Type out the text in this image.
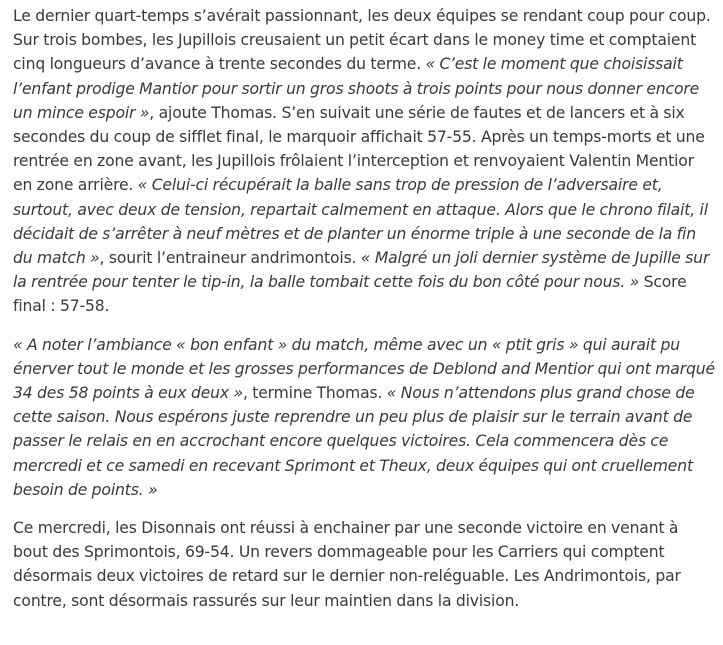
Le dernier quart-temps s’avérait passionnant, les deux équipes se rendant coup pour coup. Sur trois bombes, les Jupillois creusaient un petit écart dans le money time et comptaient cinq longueurs d’avance à trente secondes du terme. « C’est le moment que choisissait l’enfant prodige Mantior pour sortir un gros shoots à trois points pour nous donner encore un mince espoir », ajoute Thomas. S’en suivait une série de fautes et de lancers et à six secondes du coup de sifflet final, le marquoir affichait 57-55. Après un temps-morts et une rentrée en zone avant, les Jupillois frôlaient l’interception et renvoyaient Valentin Mentior en zone arrière. « Celui-ci récupérait la balle sans trop de pression de l’adversaire et, surtout, avec deux de tension, repartait calmement en attaque. Alors que le chrono filait, il décidait de s’arrêter à neuf mètres et de planter un énorme triple à une seconde de la fin du match », sourit l’entraineur andrimontois. « Malgré un joli dernier système de Jupille sur la rentrée pour tenter le tip-in, la balle tombait cette fois du bon côté pour nous. » Score final : 57-58.

« A noter l’ambiance « bon enfant » du match, même avec un « ptit gris » qui aurait pu énerver tout le monde et les grosses performances de Deblond and Mentior qui ont marqué 34 des 58 points à eux deux », termine Thomas. « Nous n’attendons plus grand chose de cette saison. Nous espérons juste reprendre un peu plus de plaisir sur le terrain avant de passer le relais en en accrochant encore quelques victoires. Cela commencera dès ce mercredi et ce samedi en recevant Sprimont et Theux, deux équipes qui ont cruellement besoin de points. »

Ce mercredi, les Disonnais ont réussi à enchainer par une seconde victoire en venant à bout des Sprimontois, 69-54. Un revers dommageable pour les Carriers qui comptent désormais deux victoires de retard sur le dernier non-reléguable. Les Andrimontois, par contre, sont désormais rassurés sur leur maintien dans la division.
